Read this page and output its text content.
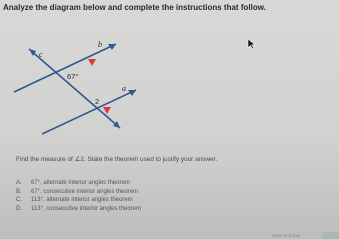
Analyze the diagram below and complete the instructions that follow.
b
c
a
67°
2
Find the measure of ∠2. State the theorem used to justify your answer.
A.	67°, alternate interior angles theorem
B.	67°, consecutive interior angles theorem
C.	113°, alternate interior angles theorem
D.	113°, consecutive interior angles theorem
Save and Exit
